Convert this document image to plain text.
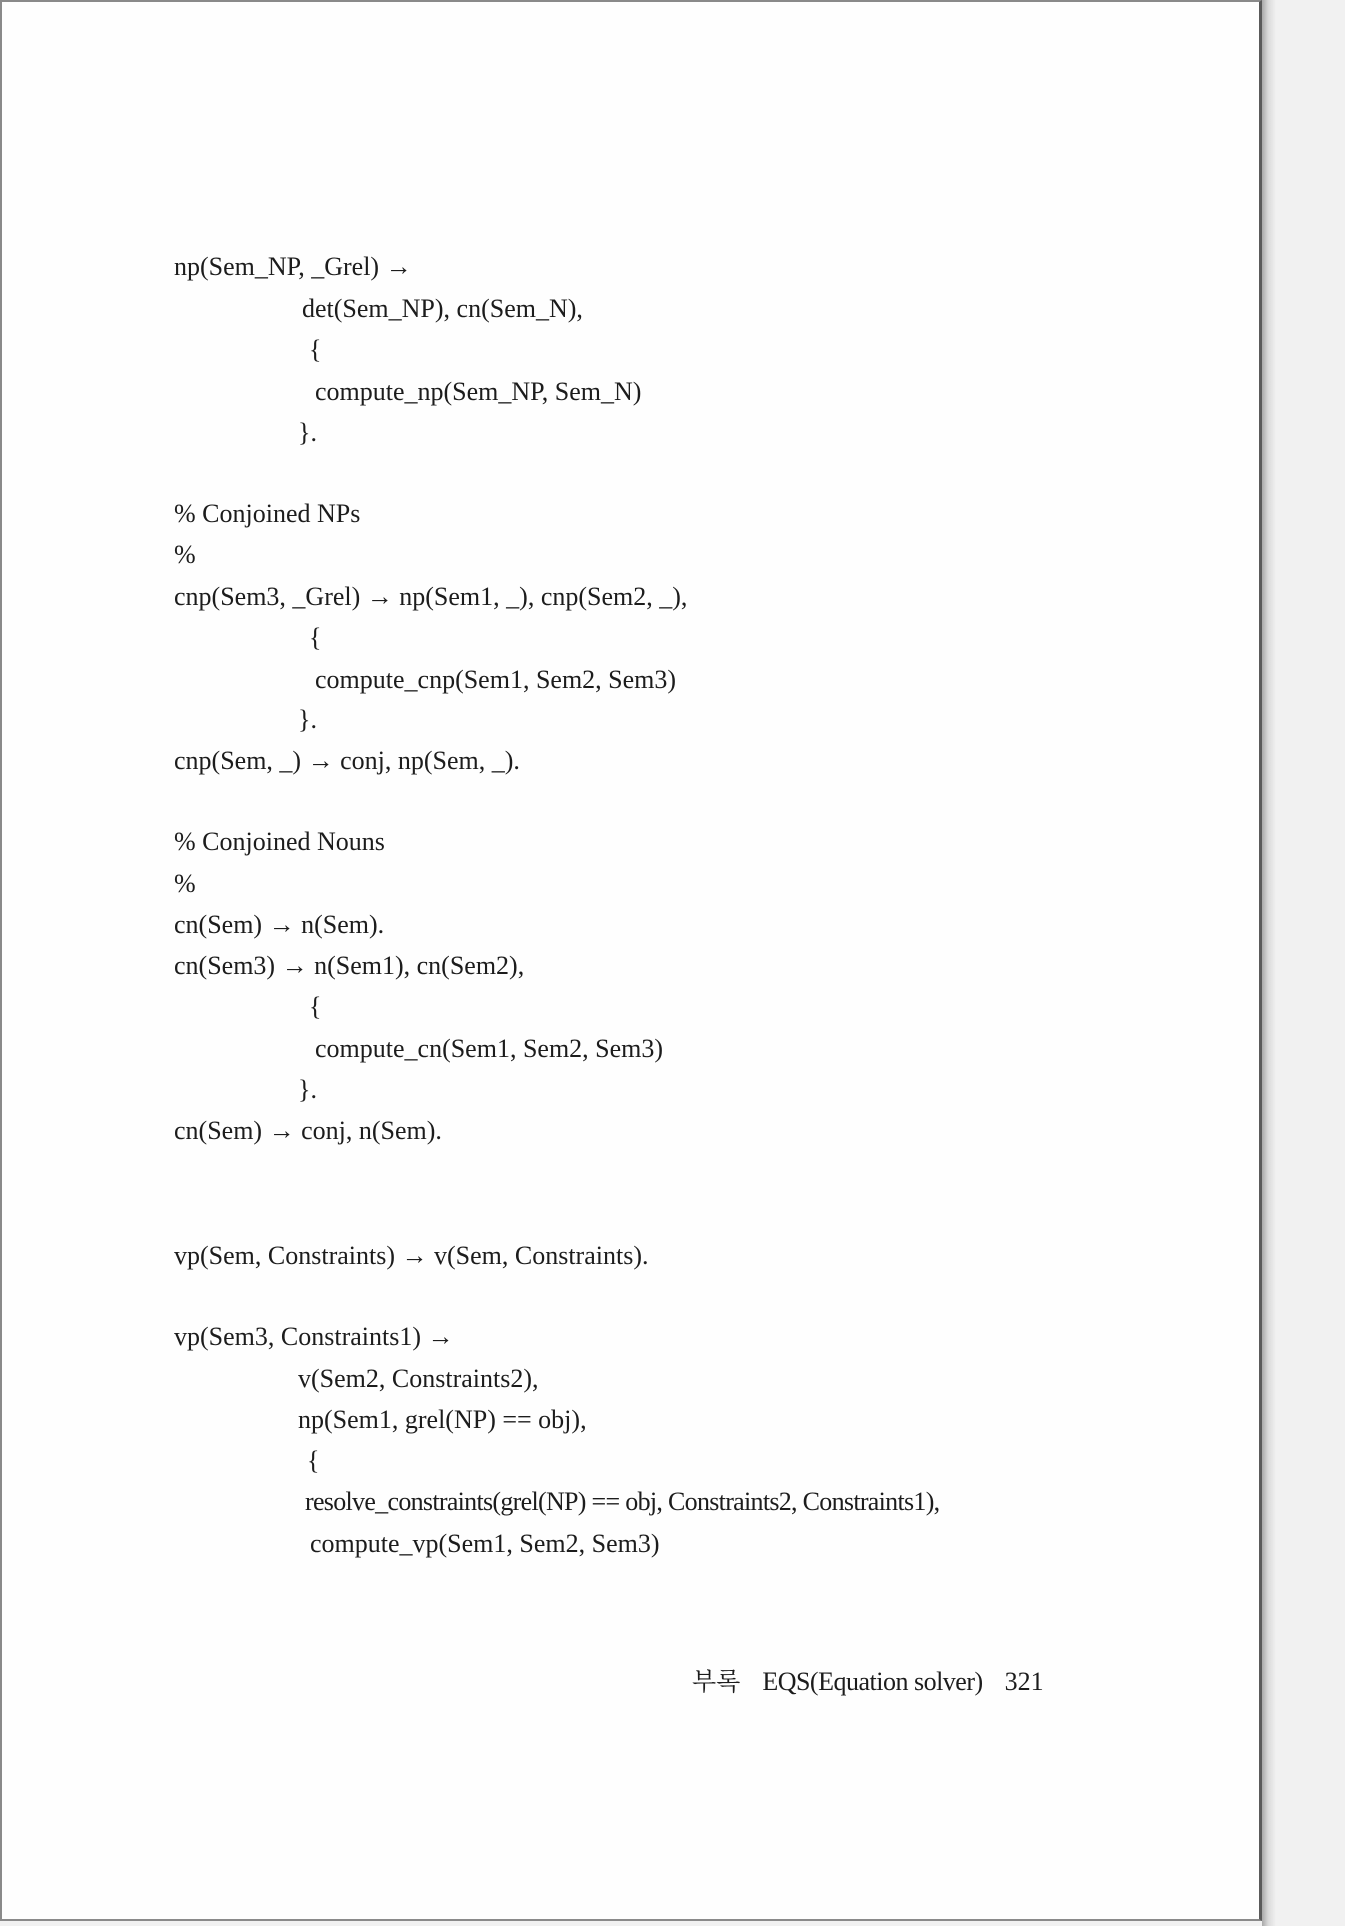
np(Sem_NP, _Grel) →
det(Sem_NP), cn(Sem_N),
{
compute_np(Sem_NP, Sem_N)
}.
% Conjoined NPs
%
cnp(Sem3, _Grel) → np(Sem1, _), cnp(Sem2, _),
{
compute_cnp(Sem1, Sem2, Sem3)
}.
cnp(Sem, _) → conj, np(Sem, _).
% Conjoined Nouns
%
cn(Sem) → n(Sem).
cn(Sem3) → n(Sem1), cn(Sem2),
{
compute_cn(Sem1, Sem2, Sem3)
}.
cn(Sem) → conj, n(Sem).
vp(Sem, Constraints) → v(Sem, Constraints).
vp(Sem3, Constraints1) →
v(Sem2, Constraints2),
np(Sem1, grel(NP) == obj),
{
resolve_constraints(grel(NP) == obj, Constraints2, Constraints1),
compute_vp(Sem1, Sem2, Sem3)

부록 EQS(Equation solver) 321
